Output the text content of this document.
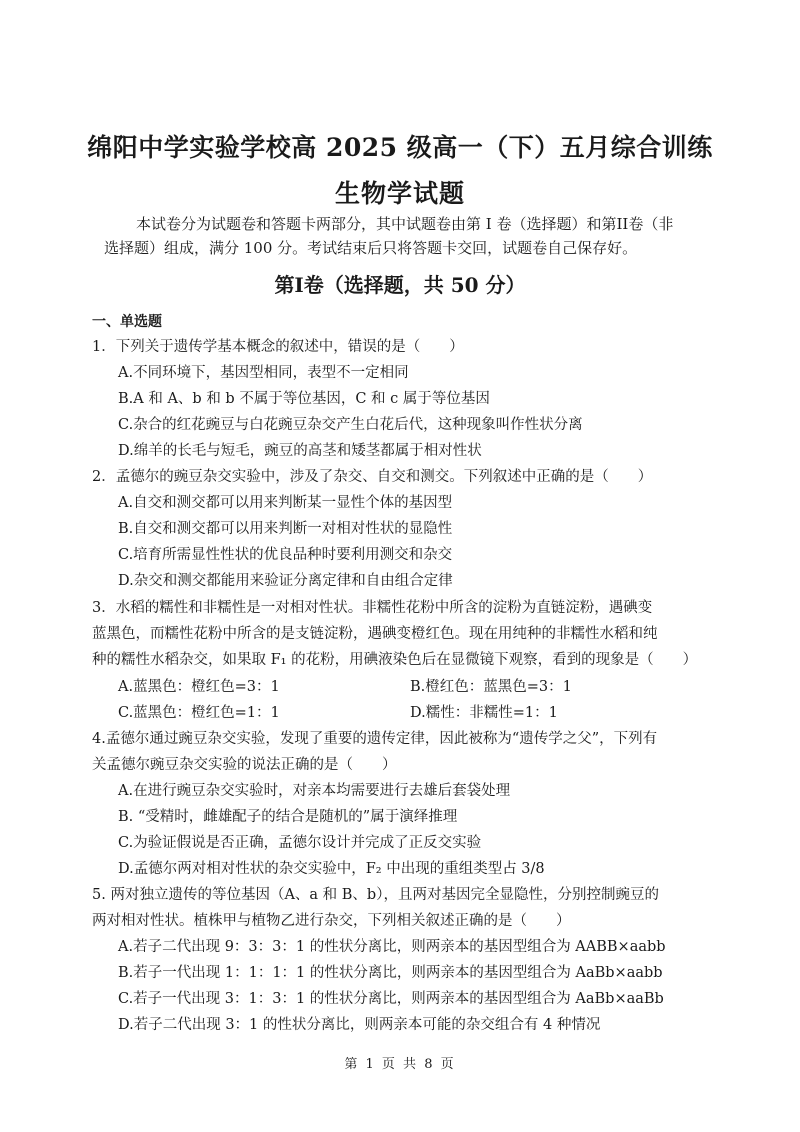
绵阳中学实验学校高 2025 级高一（下）五月综合训练
生物学试题
本试卷分为试题卷和答题卡两部分，其中试题卷由第 I 卷（选择题）和第II卷（非
选择题）组成，满分 100 分。考试结束后只将答题卡交回，试题卷自己保存好。
第I卷（选择题，共 50 分）
一、单选题
1．下列关于遗传学基本概念的叙述中，错误的是（　　）
A.不同环境下，基因型相同，表型不一定相同
B.A 和 A、b 和 b 不属于等位基因，C 和 c 属于等位基因
C.杂合的红花豌豆与白花豌豆杂交产生白花后代，这种现象叫作性状分离
D.绵羊的长毛与短毛，豌豆的高茎和矮茎都属于相对性状
2．孟德尔的豌豆杂交实验中，涉及了杂交、自交和测交。下列叙述中正确的是（　　）
A.自交和测交都可以用来判断某一显性个体的基因型
B.自交和测交都可以用来判断一对相对性状的显隐性
C.培育所需显性性状的优良品种时要利用测交和杂交
D.杂交和测交都能用来验证分离定律和自由组合定律
3．水稻的糯性和非糯性是一对相对性状。非糯性花粉中所含的淀粉为直链淀粉，遇碘变
蓝黑色，而糯性花粉中所含的是支链淀粉，遇碘变橙红色。现在用纯种的非糯性水稻和纯
种的糯性水稻杂交，如果取 F₁ 的花粉，用碘液染色后在显微镜下观察，看到的现象是（　　）
A.蓝黑色：橙红色=3：1	B.橙红色：蓝黑色=3：1
C.蓝黑色：橙红色=1：1	D.糯性：非糯性=1：1
4.孟德尔通过豌豆杂交实验，发现了重要的遗传定律，因此被称为“遗传学之父”，下列有
关孟德尔豌豆杂交实验的说法正确的是（　　）
A.在进行豌豆杂交实验时，对亲本均需要进行去雄后套袋处理
B. “受精时，雌雄配子的结合是随机的”属于演绎推理
C.为验证假说是否正确，孟德尔设计并完成了正反交实验
D.孟德尔两对相对性状的杂交实验中，F₂ 中出现的重组类型占 3/8
5. 两对独立遗传的等位基因（A、a 和 B、b），且两对基因完全显隐性，分别控制豌豆的
两对相对性状。植株甲与植物乙进行杂交，下列相关叙述正确的是（　　）
A.若子二代出现 9：3：3：1 的性状分离比，则两亲本的基因型组合为 AABB×aabb
B.若子一代出现 1：1：1：1 的性状分离比，则两亲本的基因型组合为 AaBb×aabb
C.若子一代出现 3：1：3：1 的性状分离比，则两亲本的基因型组合为 AaBb×aaBb
D.若子二代出现 3：1 的性状分离比，则两亲本可能的杂交组合有 4 种情况
第 1 页 共 8 页
